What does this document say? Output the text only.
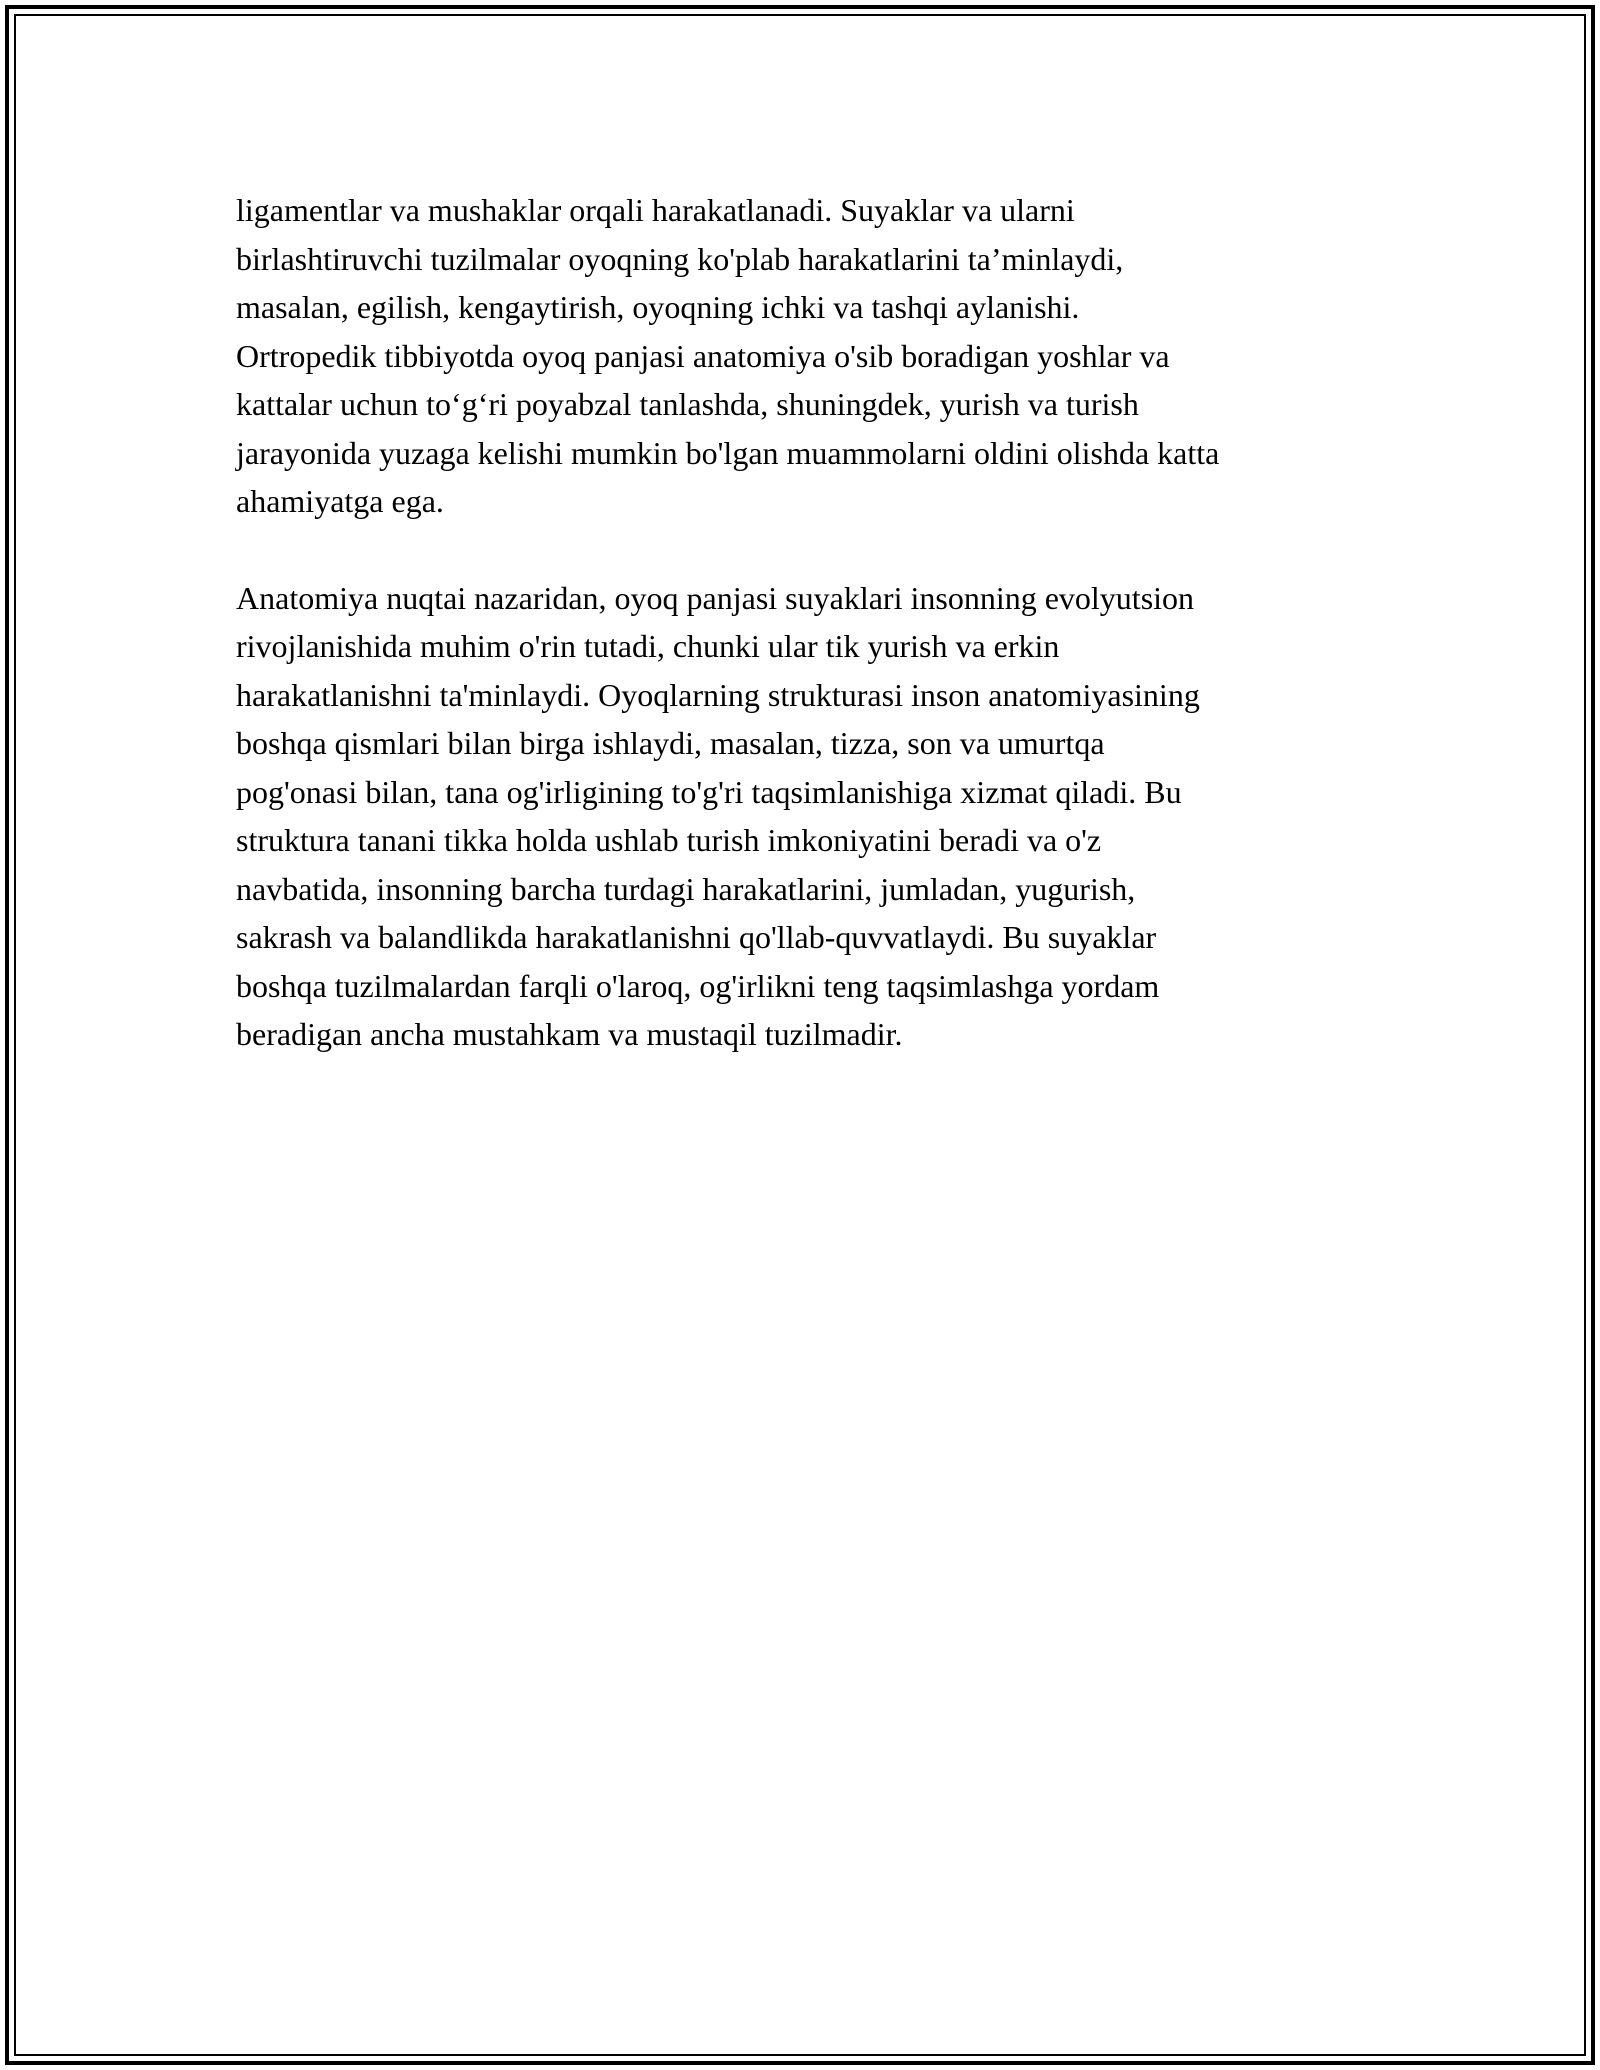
ligamentlar va mushaklar orqali harakatlanadi. Suyaklar va ularni
birlashtiruvchi tuzilmalar oyoqning ko'plab harakatlarini ta’minlaydi,
masalan, egilish, kengaytirish, oyoqning ichki va tashqi aylanishi.
Ortropedik tibbiyotda oyoq panjasi anatomiya o'sib boradigan yoshlar va
kattalar uchun toʻgʻri poyabzal tanlashda, shuningdek, yurish va turish
jarayonida yuzaga kelishi mumkin bo'lgan muammolarni oldini olishda katta
ahamiyatga ega.

Anatomiya nuqtai nazaridan, oyoq panjasi suyaklari insonning evolyutsion
rivojlanishida muhim o'rin tutadi, chunki ular tik yurish va erkin
harakatlanishni ta'minlaydi. Oyoqlarning strukturasi inson anatomiyasining
boshqa qismlari bilan birga ishlaydi, masalan, tizza, son va umurtqa
pog'onasi bilan, tana og'irligining to'g'ri taqsimlanishiga xizmat qiladi. Bu
struktura tanani tikka holda ushlab turish imkoniyatini beradi va o'z
navbatida, insonning barcha turdagi harakatlarini, jumladan, yugurish,
sakrash va balandlikda harakatlanishni qo'llab-quvvatlaydi. Bu suyaklar
boshqa tuzilmalardan farqli o'laroq, og'irlikni teng taqsimlashga yordam
beradigan ancha mustahkam va mustaqil tuzilmadir.
